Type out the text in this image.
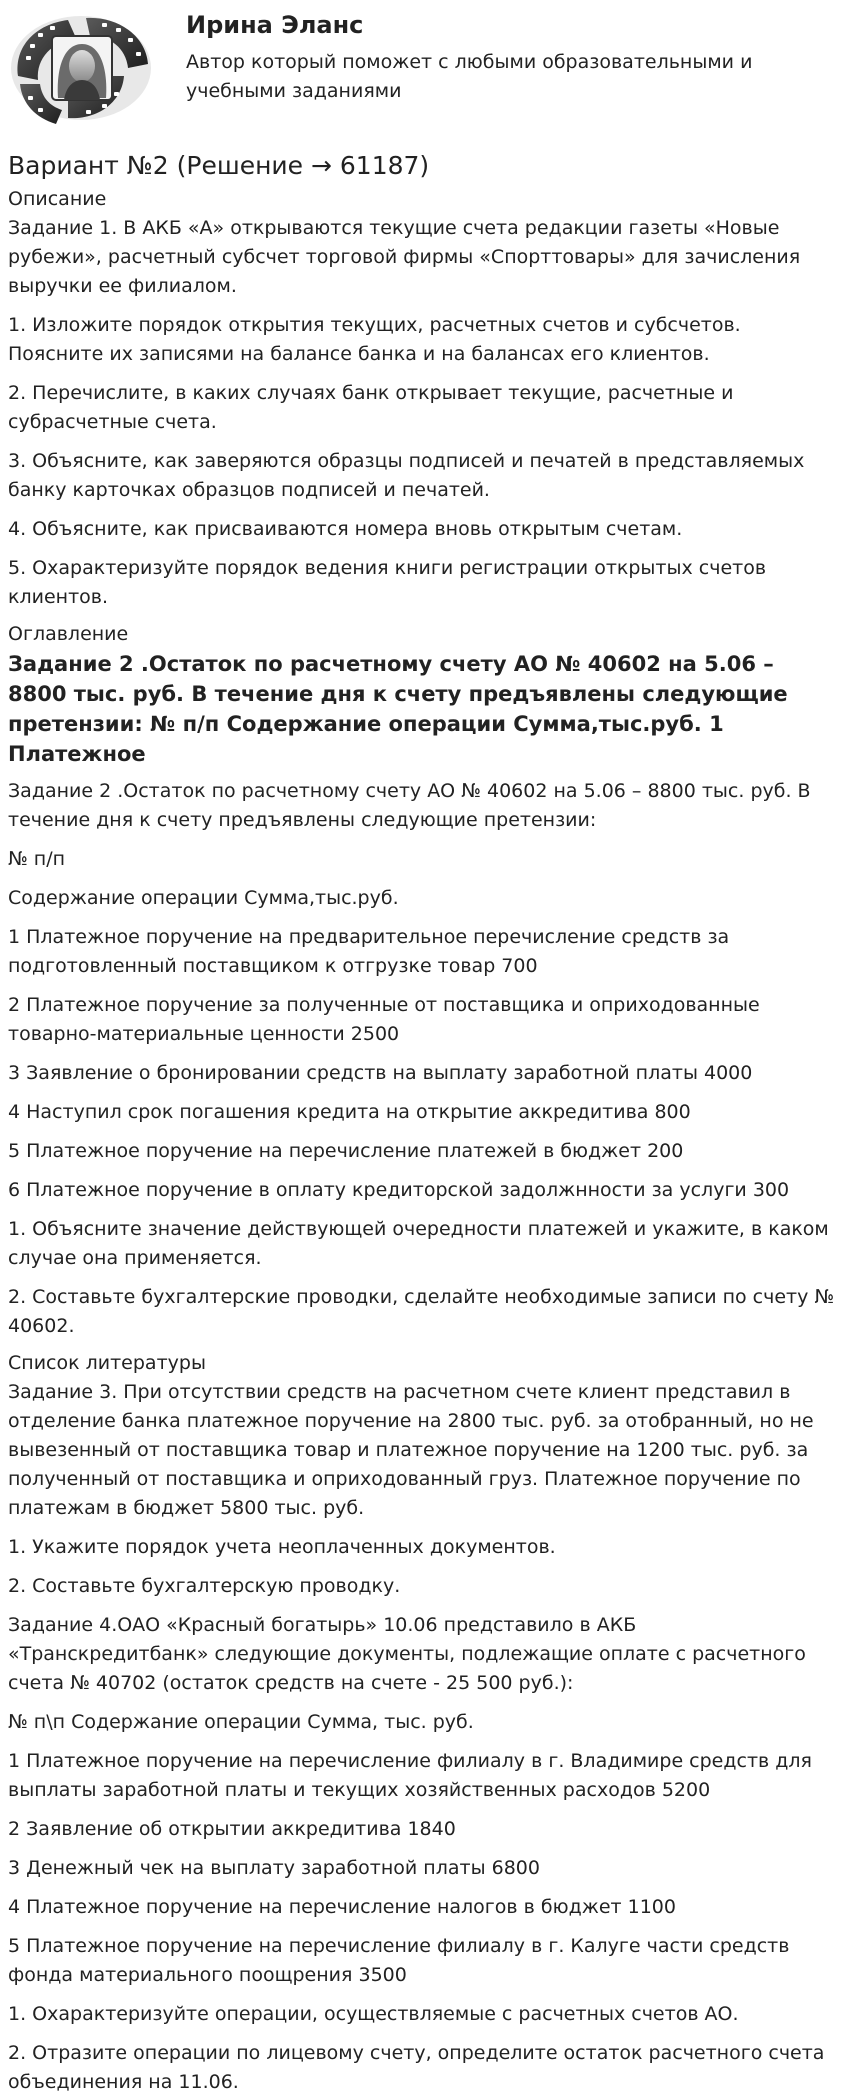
Ирина Эланс
Автор который поможет с любыми образовательными и учебными заданиями
Вариант №2 (Решение → 61187)
Описание

Задание 1. В АКБ «А» открываются текущие счета редакции газеты «Новые рубежи», расчетный субсчет торговой фирмы «Спорттовары» для зачисления выручки ее филиалом.

1. Изложите порядок открытия текущих, расчетных счетов и субсчетов. Поясните их записями на балансе банка и на балансах его клиентов.

2. Перечислите, в каких случаях банк открывает текущие, расчетные и субрасчетные счета.

3. Объясните, как заверяются образцы подписей и печатей в представляемых банку карточках образцов подписей и печатей.

4. Объясните, как присваиваются номера вновь открытым счетам.

5. Охарактеризуйте порядок ведения книги регистрации открытых счетов клиентов.

Оглавление
Задание 2 .Остаток по расчетному счету АО № 40602 на 5.06 – 8800 тыс. руб. В течение дня к счету предъявлены следующие претензии: № п/п Содержание операции Сумма,тыс.руб. 1 Платежное

Задание 2 .Остаток по расчетному счету АО № 40602 на 5.06 – 8800 тыс. руб. В течение дня к счету предъявлены следующие претензии:

№ п/п

Содержание операции Сумма,тыс.руб.

1 Платежное поручение на предварительное перечисление средств за подготовленный поставщиком к отгрузке товар 700

2 Платежное поручение за полученные от поставщика и оприходованные товарно-материальные ценности 2500

3 Заявление о бронировании средств на выплату заработной платы 4000

4 Наступил срок погашения кредита на открытие аккредитива 800

5 Платежное поручение на перечисление платежей в бюджет 200

6 Платежное поручение в оплату кредиторской задолжнности за услуги 300

1. Объясните значение действующей очередности платежей и укажите, в каком случае она применяется.

2. Составьте бухгалтерские проводки, сделайте необходимые записи по счету № 40602.

Список литературы

Задание 3. При отсутствии средств на расчетном счете клиент представил в отделение банка платежное поручение на 2800 тыс. руб. за отобранный, но не вывезенный от поставщика товар и платежное поручение на 1200 тыс. руб. за полученный от поставщика и оприходованный груз. Платежное поручение по платежам в бюджет 5800 тыс. руб.

1. Укажите порядок учета неоплаченных документов.

2. Составьте бухгалтерскую проводку.

Задание 4.ОАО «Красный богатырь» 10.06 представило в АКБ «Транскредитбанк» следующие документы, подлежащие оплате с расчетного счета № 40702 (остаток средств на счете - 25 500 руб.):

№ п\п Содержание операции Сумма, тыс. руб.

1 Платежное поручение на перечисление филиалу в г. Владимире средств для выплаты заработной платы и текущих хозяйственных расходов 5200

2 Заявление об открытии аккредитива 1840

3 Денежный чек на выплату заработной платы 6800

4 Платежное поручение на перечисление налогов в бюджет 1100

5 Платежное поручение на перечисление филиалу в г. Калуге части средств фонда материального поощрения 3500

1. Охарактеризуйте операции, осуществляемые с расчетных счетов АО.

2. Отразите операции по лицевому счету, определите остаток расчетного счета объединения на 11.06.
